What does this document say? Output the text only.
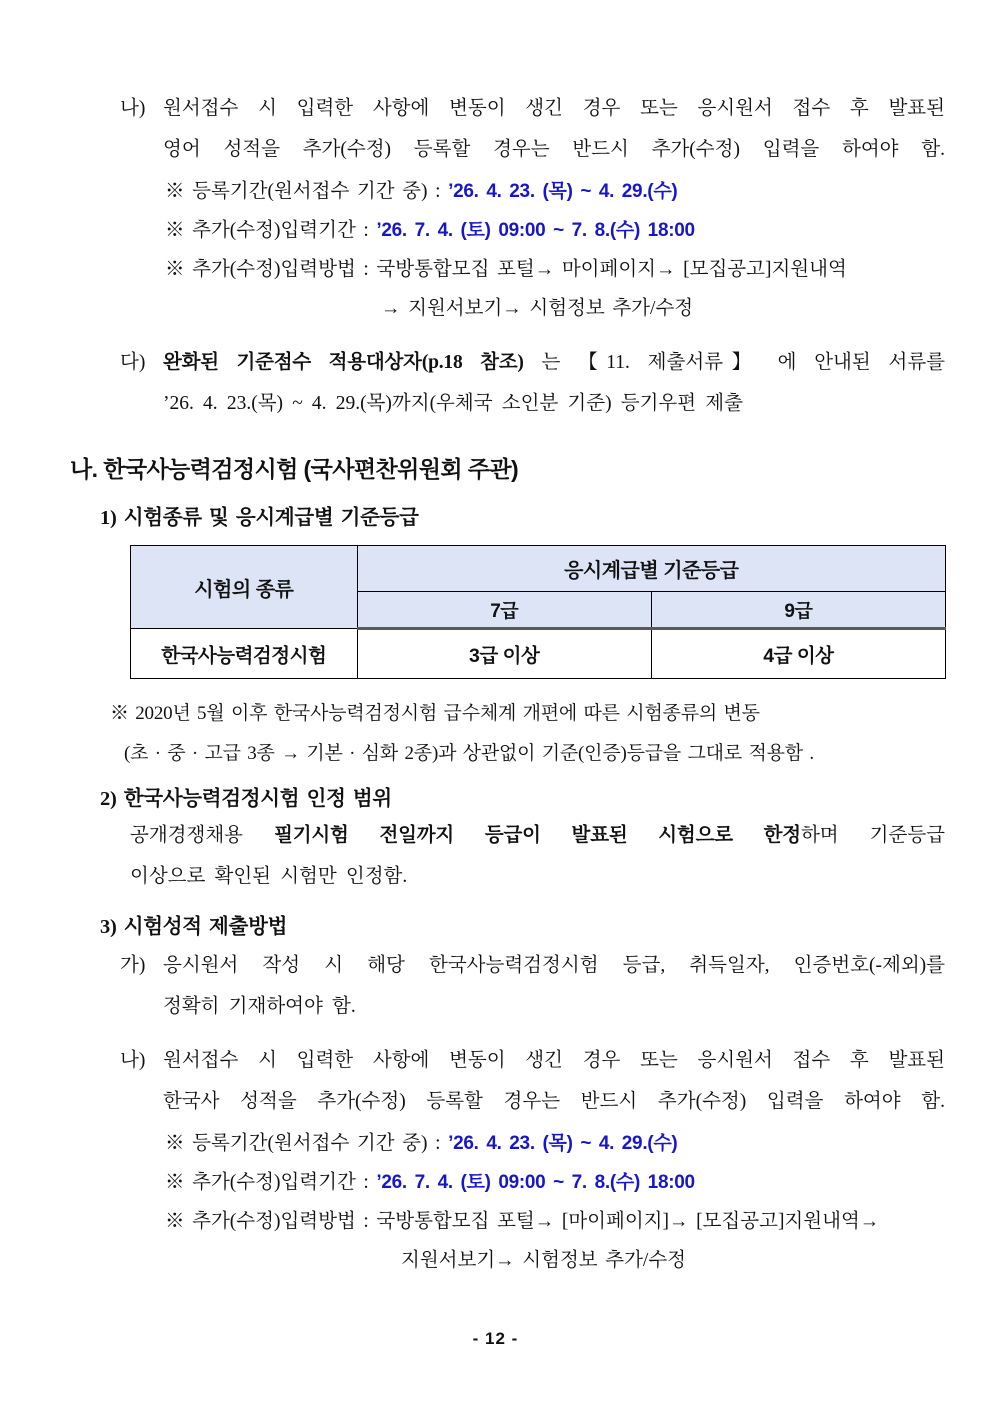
나) 원서접수 시 입력한 사항에 변동이 생긴 경우 또는 응시원서 접수 후 발표된
영어 성적을 추가(수정) 등록할 경우는 반드시 추가(수정) 입력을 하여야 함.
※ 등록기간(원서접수 기간 중) : ’26. 4. 23. (목) ~ 4. 29.(수)
※ 추가(수정)입력기간 : ’26. 7. 4. (토) 09:00 ~ 7. 8.(수) 18:00
※ 추가(수정)입력방법 : 국방통합모집 포털→ 마이페이지→ [모집공고]지원내역
→ 지원서보기→ 시험정보 추가/수정
다) 완화된 기준점수 적용대상자(p.18 참조) 는 【11. 제출서류】 에 안내된 서류를
’26. 4. 23.(목) ~ 4. 29.(목)까지(우체국 소인분 기준) 등기우편 제출
나. 한국사능력검정시험 (국사편찬위원회 주관)
1) 시험종류 및 응시계급별 기준등급
시험의 종류	응시계급별 기준등급	
	7급	9급
한국사능력검정시험	3급 이상	4급 이상
※ 2020년 5월 이후 한국사능력검정시험 급수체계 개편에 따른 시험종류의 변동
(초 · 중 · 고급 3종 → 기본 · 심화 2종)과 상관없이 기준(인증)등급을 그대로 적용함 .
2) 한국사능력검정시험 인정 범위
공개경쟁채용 필기시험 전일까지 등급이 발표된 시험으로 한정하며 기준등급
이상으로 확인된 시험만 인정함.
3) 시험성적 제출방법
가) 응시원서 작성 시 해당 한국사능력검정시험 등급, 취득일자, 인증번호(-제외)를
정확히 기재하여야 함.
나) 원서접수 시 입력한 사항에 변동이 생긴 경우 또는 응시원서 접수 후 발표된
한국사 성적을 추가(수정) 등록할 경우는 반드시 추가(수정) 입력을 하여야 함.
※ 등록기간(원서접수 기간 중) : ’26. 4. 23. (목) ~ 4. 29.(수)
※ 추가(수정)입력기간 : ’26. 7. 4. (토) 09:00 ~ 7. 8.(수) 18:00
※ 추가(수정)입력방법 : 국방통합모집 포털→ [마이페이지]→ [모집공고]지원내역→
지원서보기→ 시험정보 추가/수정
- 12 -
